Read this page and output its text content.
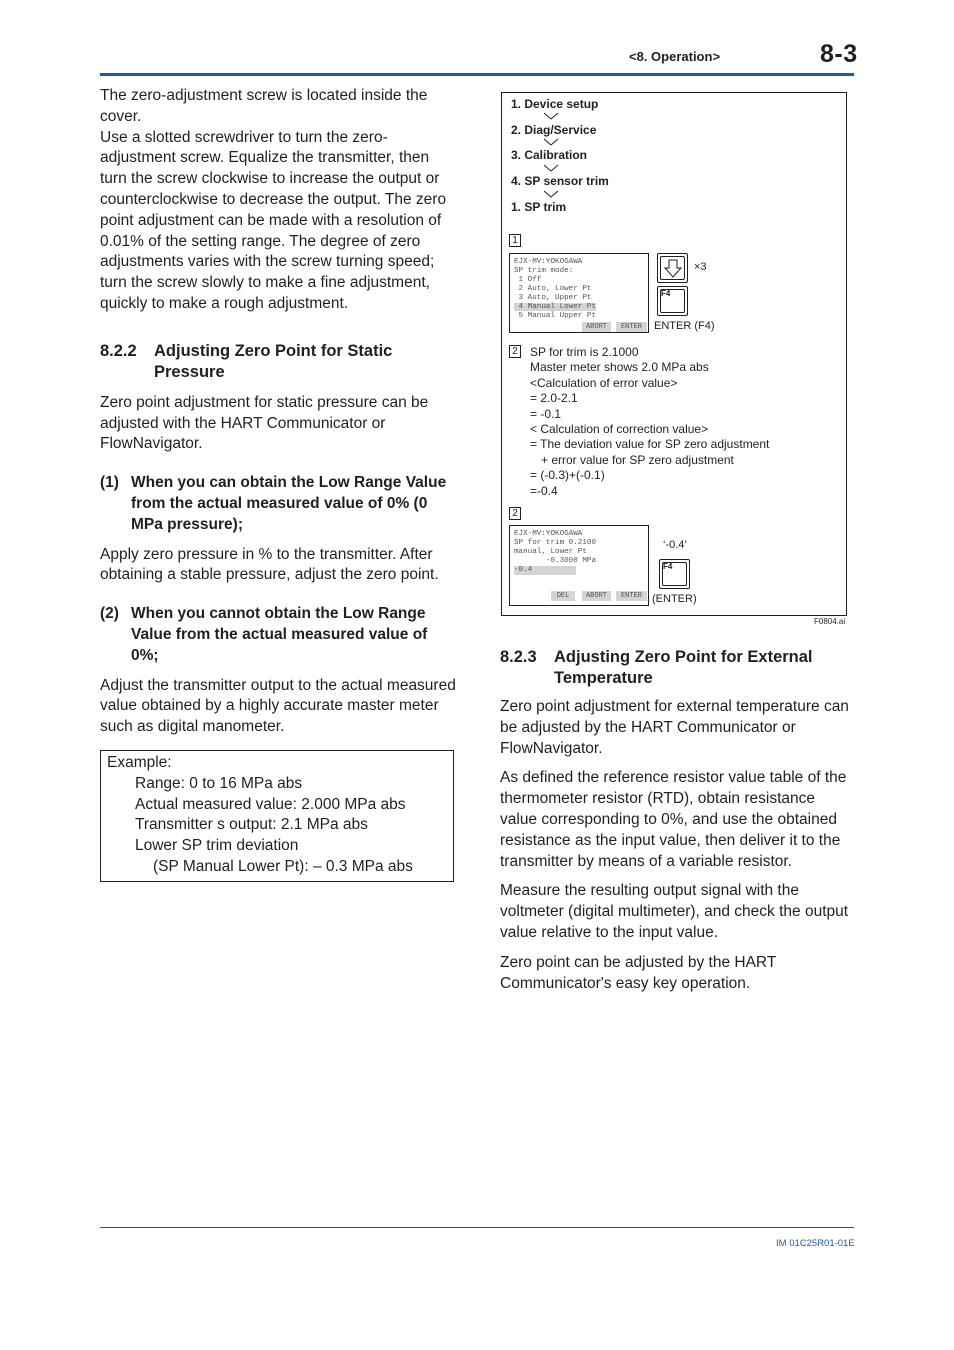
<8. Operation>	8-3

The zero-adjustment screw is located inside the cover.

Use a slotted screwdriver to turn the zero-adjustment screw. Equalize the transmitter, then turn the screw clockwise to increase the output or counterclockwise to decrease the output. The zero point adjustment can be made with a resolution of 0.01% of the setting range. The degree of zero adjustments varies with the screw turning speed; turn the screw slowly to make a fine adjustment, quickly to make a rough adjustment.

8.2.2 Adjusting Zero Point for Static Pressure

Zero point adjustment for static pressure can be adjusted with the HART Communicator or FlowNavigator.

(1) When you can obtain the Low Range Value from the actual measured value of 0% (0 MPa pressure);

Apply zero pressure in % to the transmitter. After obtaining a stable pressure, adjust the zero point.

(2) When you cannot obtain the Low Range Value from the actual measured value of 0%;

Adjust the transmitter output to the actual measured value obtained by a highly accurate master meter such as digital manometer.

Example:
Range: 0 to 16 MPa abs
Actual measured value: 2.000 MPa abs
Transmitter s output: 2.1 MPa abs
Lower SP trim deviation
(SP Manual Lower Pt): – 0.3 MPa abs
1. Device setup
2. Diag/Service
3. Calibration
4. SP sensor trim
1. SP trim
1
EJX-MV:YOKOGAWA
SP trim mode:
1 Off
2 Auto, Lower Pt
3 Auto, Upper Pt
4 Manual Lower Pt
5 Manual Upper Pt
ABORT	ENTER
×3
F4
ENTER (F4)
2 SP for trim is 2.1000
Master meter shows 2.0 MPa abs
<Calculation of error value>
= 2.0-2.1
= -0.1
< Calculation of correction value>
= The deviation value for SP zero adjustment
+ error value for SP zero adjustment
= (-0.3)+(-0.1)
=-0.4
2
EJX-MV:YOKOGAWA
SP for trim 0.2100
manual, Lower Pt
-0.3000 MPa
-0.4
DEL	ABORT	ENTER
‘-0.4’
F4
(ENTER)
F0804.ai
8.2.3 Adjusting Zero Point for External Temperature

Zero point adjustment for external temperature can be adjusted by the HART Communicator or FlowNavigator.

As defined the reference resistor value table of the thermometer resistor (RTD), obtain resistance value corresponding to 0%, and use the obtained resistance as the input value, then deliver it to the transmitter by means of a variable resistor.

Measure the resulting output signal with the voltmeter (digital multimeter), and check the output value relative to the input value.

Zero point can be adjusted by the HART Communicator's easy key operation.

IM 01C25R01-01E
